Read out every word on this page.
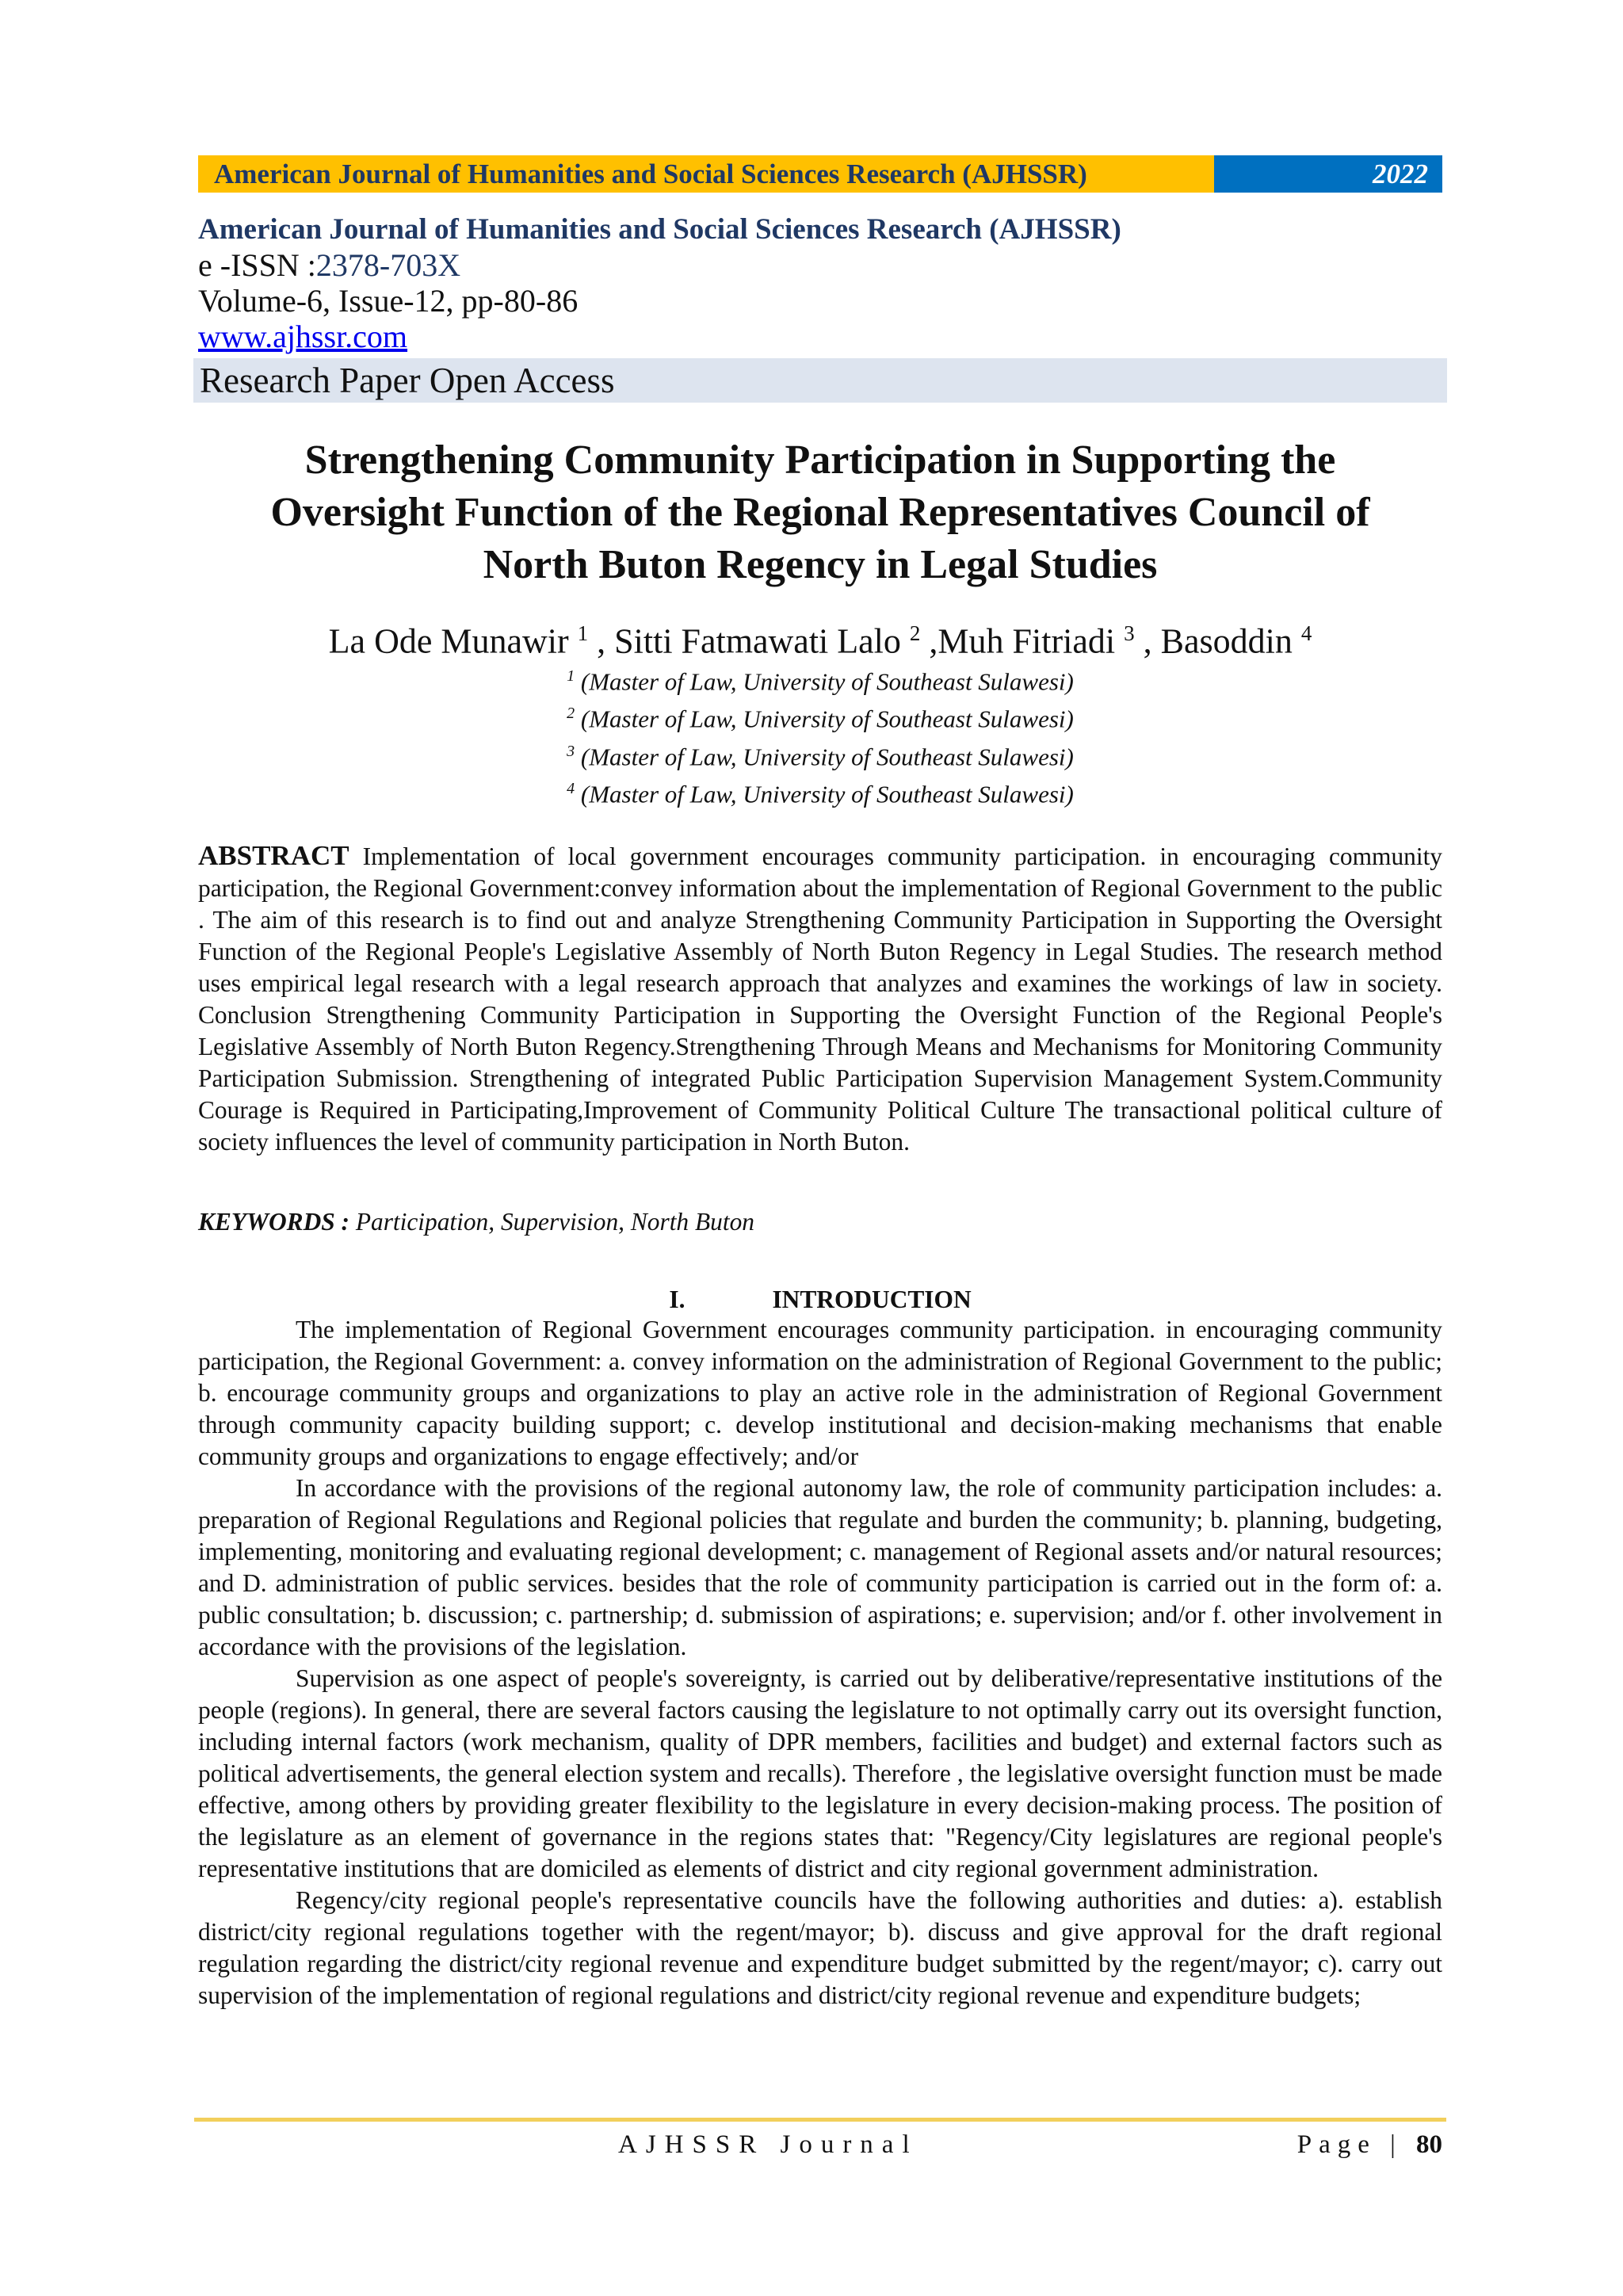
American Journal of Humanities and Social Sciences Research (AJHSSR)	2022
American Journal of Humanities and Social Sciences Research (AJHSSR)
e -ISSN :2378-703X
Volume-6, Issue-12, pp-80-86
www.ajhssr.com
Research Paper Open Access
Strengthening Community Participation in Supporting the
Oversight Function of the Regional Representatives Council of
North Buton Regency in Legal Studies
La Ode Munawir $^1$ , Sitti Fatmawati Lalo $^2$ ,Muh Fitriadi $^3$ , Basoddin $^4$
$^1$ (Master of Law, University of Southeast Sulawesi)
$^2$ (Master of Law, University of Southeast Sulawesi)
$^3$ (Master of Law, University of Southeast Sulawesi)
$^4$ (Master of Law, University of Southeast Sulawesi)
ABSTRACT Implementation of local government encourages community participation. in encouraging community participation, the Regional Government:convey information about the implementation of Regional Government to the public . The aim of this research is to find out and analyze Strengthening Community Participation in Supporting the Oversight Function of the Regional People's Legislative Assembly of North Buton Regency in Legal Studies. The research method uses empirical legal research with a legal research approach that analyzes and examines the workings of law in society. Conclusion Strengthening Community Participation in Supporting the Oversight Function of the Regional People's Legislative Assembly of North Buton Regency.Strengthening Through Means and Mechanisms for Monitoring Community Participation Submission. Strengthening of integrated Public Participation Supervision Management System.Community Courage is Required in Participating,Improvement of Community Political Culture The transactional political culture of society influences the level of community participation in North Buton.
KEYWORDS : Participation, Supervision, North Buton
I.	INTRODUCTION

The implementation of Regional Government encourages community participation. in encouraging community participation, the Regional Government: a. convey information on the administration of Regional Government to the public; b. encourage community groups and organizations to play an active role in the administration of Regional Government through community capacity building support; c. develop institutional and decision-making mechanisms that enable community groups and organizations to engage effectively; and/or

In accordance with the provisions of the regional autonomy law, the role of community participation includes: a. preparation of Regional Regulations and Regional policies that regulate and burden the community; b. planning, budgeting, implementing, monitoring and evaluating regional development; c. management of Regional assets and/or natural resources; and D. administration of public services. besides that the role of community participation is carried out in the form of: a. public consultation; b. discussion; c. partnership; d. submission of aspirations; e. supervision; and/or f. other involvement in accordance with the provisions of the legislation.

Supervision as one aspect of people's sovereignty, is carried out by deliberative/representative institutions of the people (regions). In general, there are several factors causing the legislature to not optimally carry out its oversight function, including internal factors (work mechanism, quality of DPR members, facilities and budget) and external factors such as political advertisements, the general election system and recalls). Therefore , the legislative oversight function must be made effective, among others by providing greater flexibility to the legislature in every decision-making process. The position of the legislature as an element of governance in the regions states that: "Regency/City legislatures are regional people's representative institutions that are domiciled as elements of district and city regional government administration.

Regency/city regional people's representative councils have the following authorities and duties: a). establish district/city regional regulations together with the regent/mayor; b). discuss and give approval for the draft regional regulation regarding the district/city regional revenue and expenditure budget submitted by the regent/mayor; c). carry out supervision of the implementation of regional regulations and district/city regional revenue and expenditure budgets;

AJHSSR Journal	Page | 80
